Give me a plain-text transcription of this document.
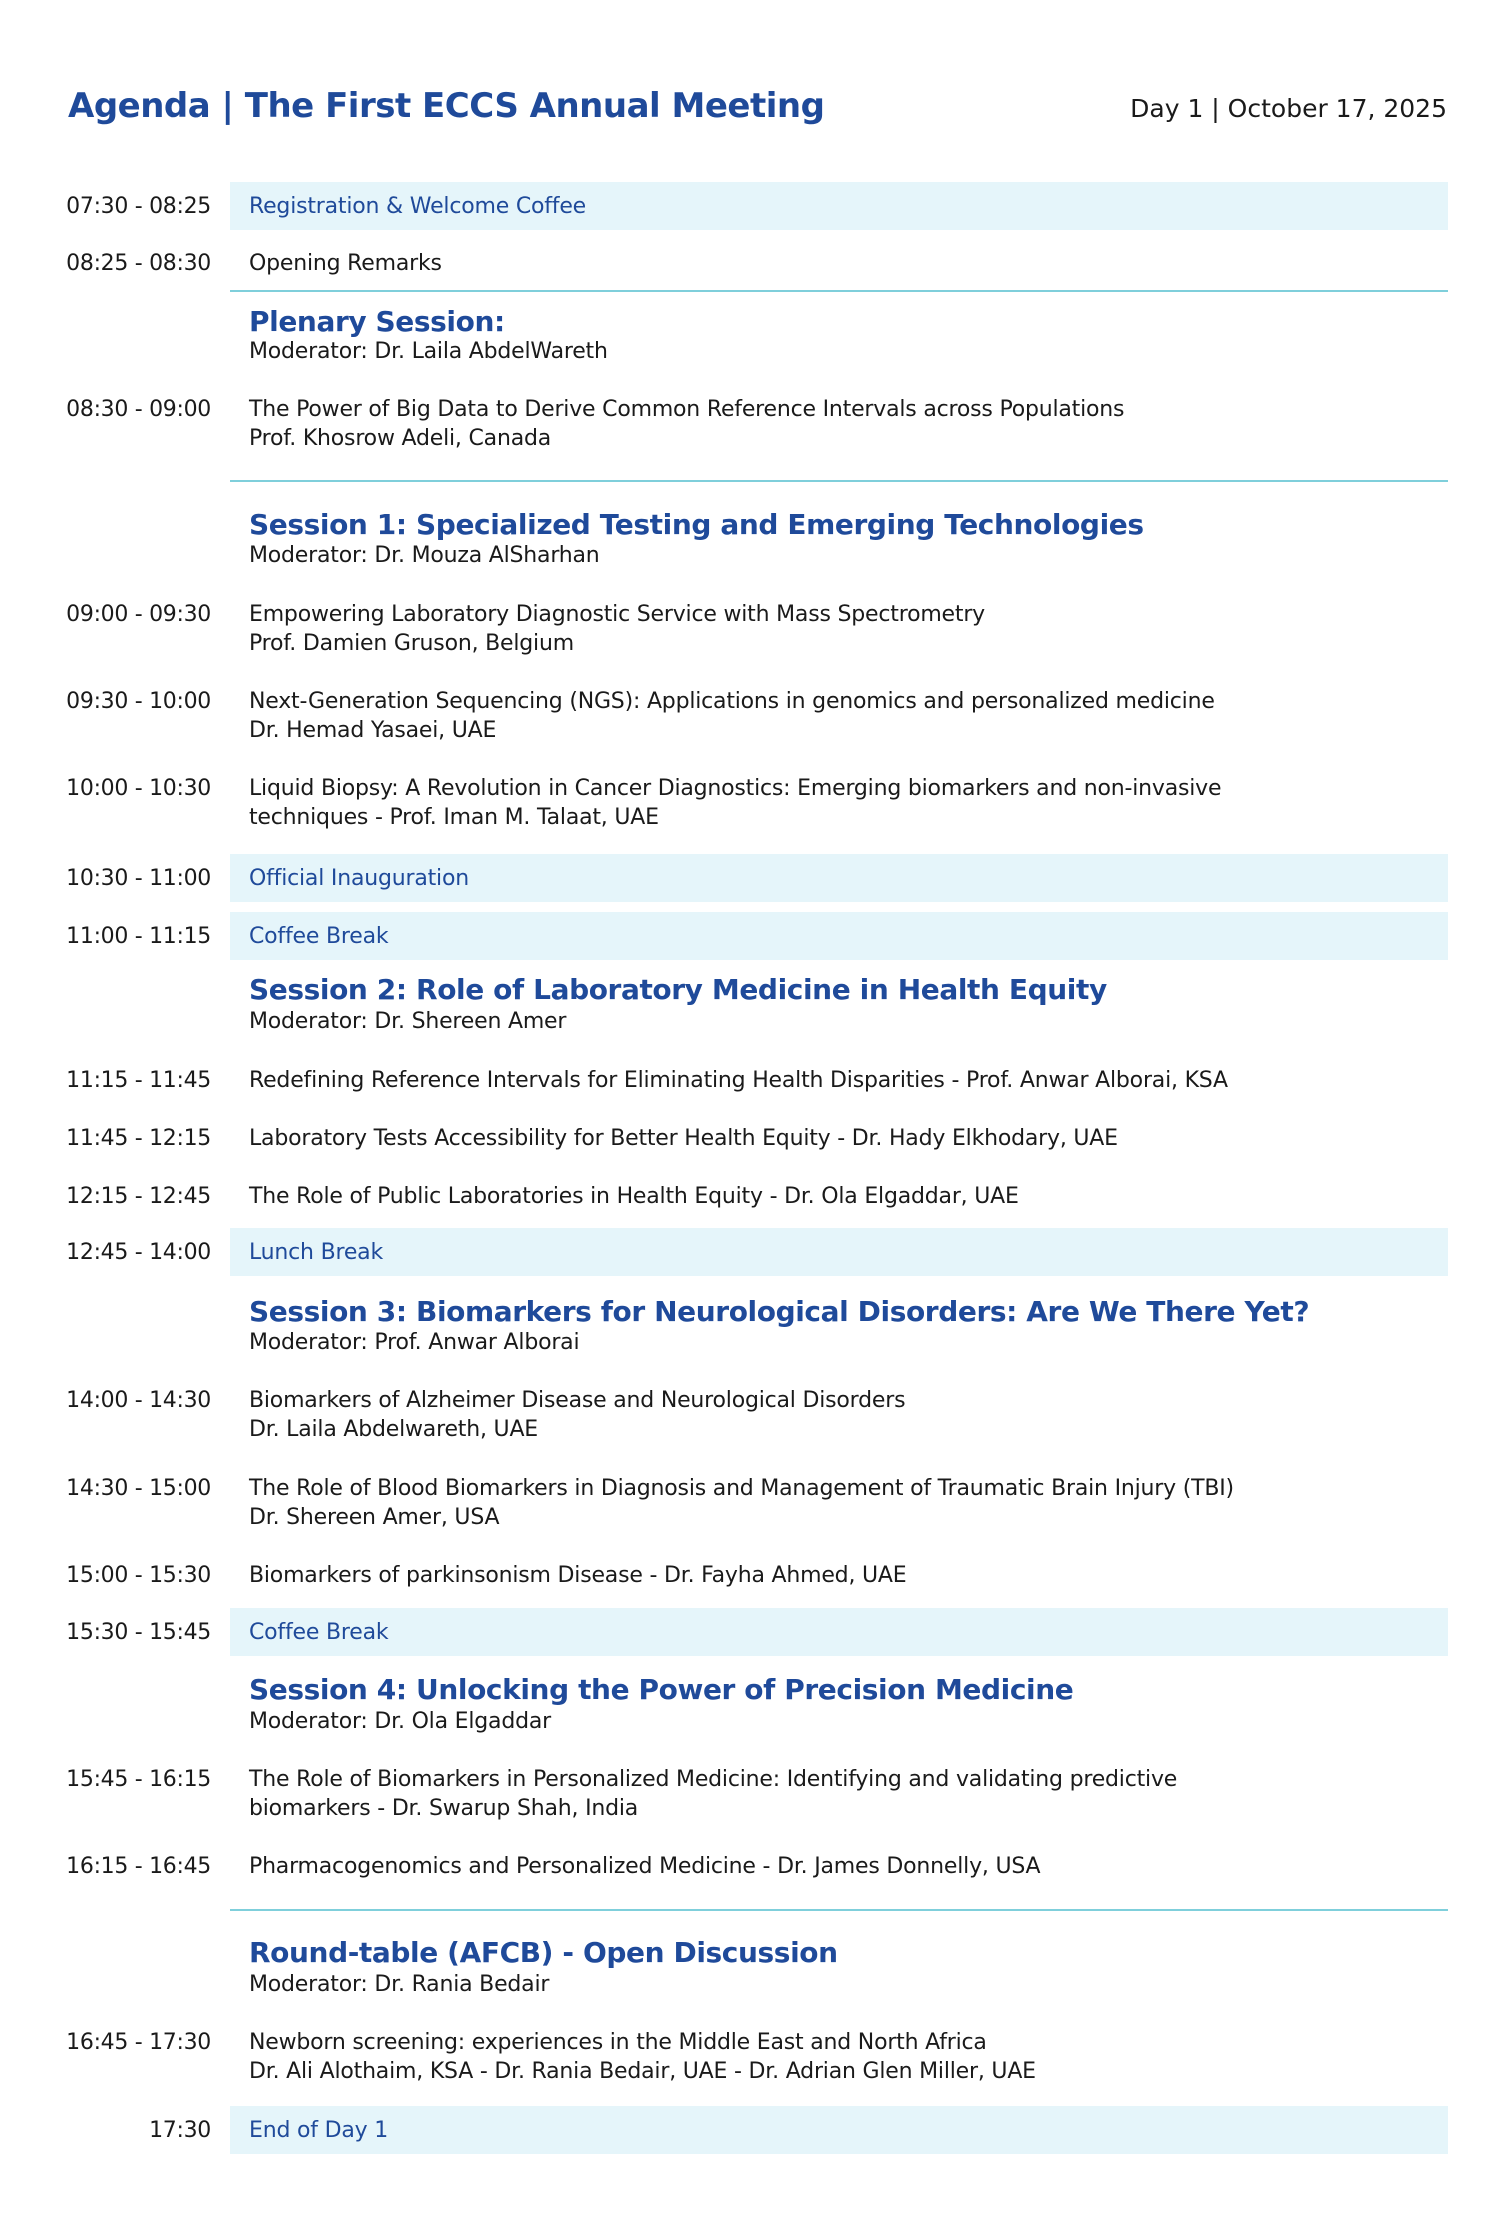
Agenda | The First ECCS Annual Meeting	Day 1 | October 17, 2025
07:30 - 08:25 Registration & Welcome Coffee
08:25 - 08:30 Opening Remarks
Plenary Session:
Moderator: Dr. Laila AbdelWareth
08:30 - 09:00 The Power of Big Data to Derive Common Reference Intervals across Populations
Prof. Khosrow Adeli, Canada
Session 1: Specialized Testing and Emerging Technologies
Moderator: Dr. Mouza AlSharhan
09:00 - 09:30 Empowering Laboratory Diagnostic Service with Mass Spectrometry
Prof. Damien Gruson, Belgium
09:30 - 10:00 Next-Generation Sequencing (NGS): Applications in genomics and personalized medicine
Dr. Hemad Yasaei, UAE
10:00 - 10:30 Liquid Biopsy: A Revolution in Cancer Diagnostics: Emerging biomarkers and non-invasive
techniques - Prof. Iman M. Talaat, UAE
10:30 - 11:00 Official Inauguration
11:00 - 11:15 Coffee Break
Session 2: Role of Laboratory Medicine in Health Equity
Moderator: Dr. Shereen Amer
11:15 - 11:45 Redefining Reference Intervals for Eliminating Health Disparities - Prof. Anwar Alborai, KSA
11:45 - 12:15 Laboratory Tests Accessibility for Better Health Equity - Dr. Hady Elkhodary, UAE
12:15 - 12:45 The Role of Public Laboratories in Health Equity - Dr. Ola Elgaddar, UAE
12:45 - 14:00 Lunch Break
Session 3: Biomarkers for Neurological Disorders: Are We There Yet?
Moderator: Prof. Anwar Alborai
14:00 - 14:30 Biomarkers of Alzheimer Disease and Neurological Disorders
Dr. Laila Abdelwareth, UAE
14:30 - 15:00 The Role of Blood Biomarkers in Diagnosis and Management of Traumatic Brain Injury (TBI)
Dr. Shereen Amer, USA
15:00 - 15:30 Biomarkers of parkinsonism Disease - Dr. Fayha Ahmed, UAE
15:30 - 15:45 Coffee Break
Session 4: Unlocking the Power of Precision Medicine
Moderator: Dr. Ola Elgaddar
15:45 - 16:15 The Role of Biomarkers in Personalized Medicine: Identifying and validating predictive
biomarkers - Dr. Swarup Shah, India
16:15 - 16:45 Pharmacogenomics and Personalized Medicine - Dr. James Donnelly, USA
Round-table (AFCB) - Open Discussion
Moderator: Dr. Rania Bedair
16:45 - 17:30 Newborn screening: experiences in the Middle East and North Africa
Dr. Ali Alothaim, KSA - Dr. Rania Bedair, UAE - Dr. Adrian Glen Miller, UAE
17:30 End of Day 1
